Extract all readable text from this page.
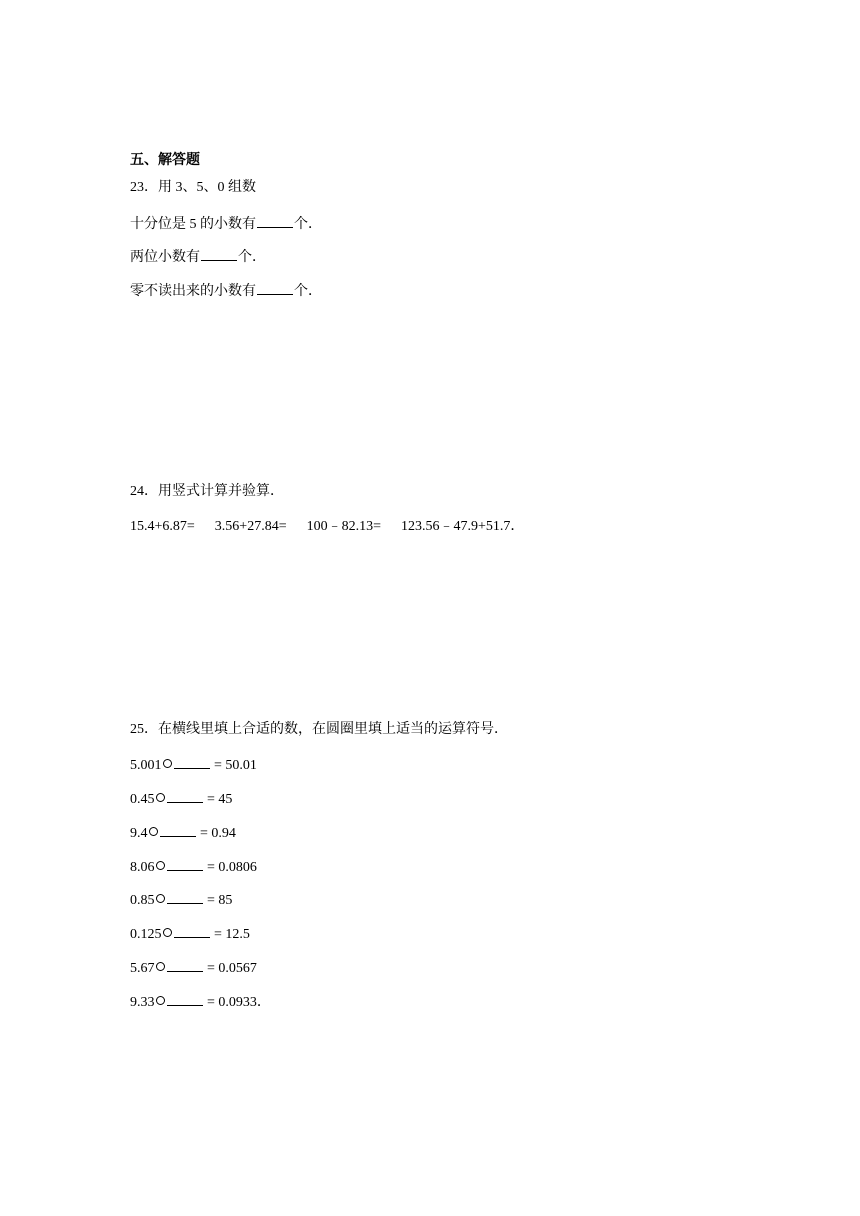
五、解答题
23．用 3、5、0 组数
十分位是 5 的小数有	个．
两位小数有	个．
零不读出来的小数有	个．
24．用竖式计算并验算．
15.4+6.87= 3.56+27.84= 100﹣82.13= 123.56﹣47.9+51.7．
25．在横线里填上合适的数，在圆圈里填上适当的运算符号．
5.001	= 50.01
0.45	= 45
9.4	= 0.94
8.06	= 0.0806
0.85	= 85
0.125	= 12.5
5.67	= 0.0567
9.33	= 0.0933．
